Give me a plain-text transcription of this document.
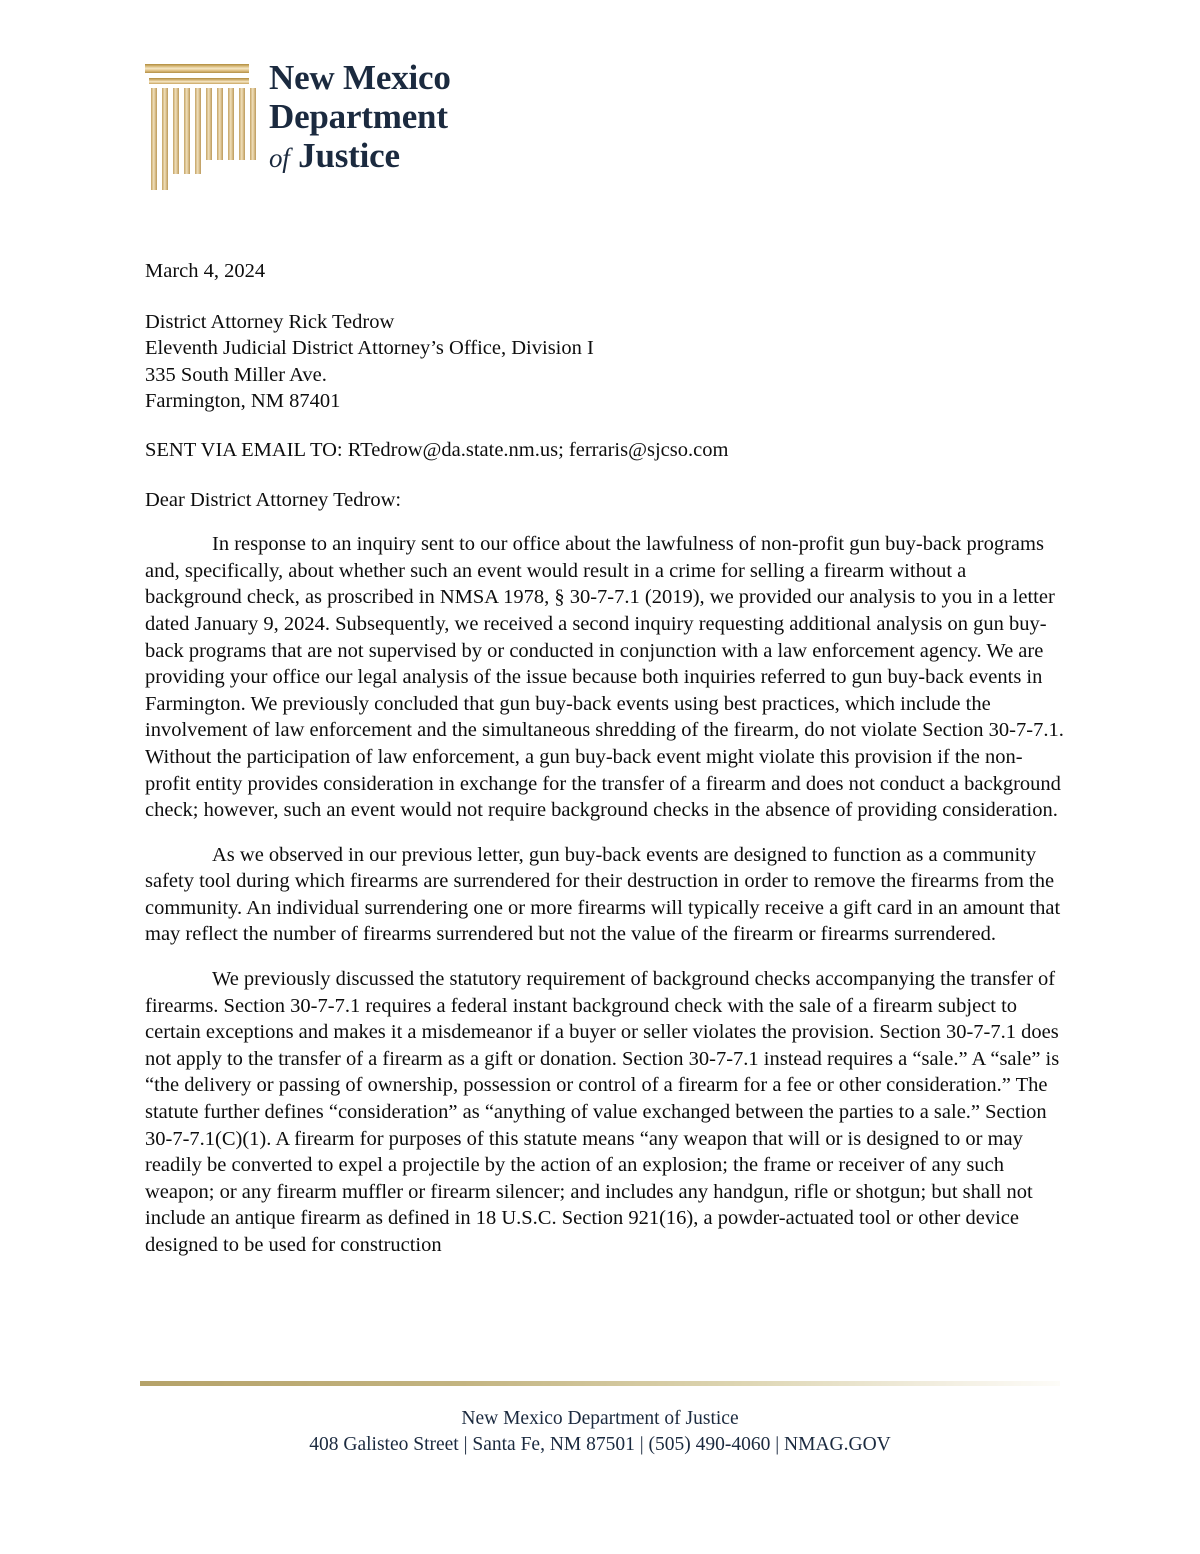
New Mexico
Department
of Justice

March 4, 2024

District Attorney Rick Tedrow
Eleventh Judicial District Attorney’s Office, Division I
335 South Miller Ave.
Farmington, NM 87401

SENT VIA EMAIL TO: RTedrow@da.state.nm.us; ferraris@sjcso.com

Dear District Attorney Tedrow:

In response to an inquiry sent to our office about the lawfulness of non-profit gun buy-back programs and, specifically, about whether such an event would result in a crime for selling a firearm without a background check, as proscribed in NMSA 1978, § 30-7-7.1 (2019), we provided our analysis to you in a letter dated January 9, 2024. Subsequently, we received a second inquiry requesting additional analysis on gun buy-back programs that are not supervised by or conducted in conjunction with a law enforcement agency. We are providing your office our legal analysis of the issue because both inquiries referred to gun buy-back events in Farmington. We previously concluded that gun buy-back events using best practices, which include the involvement of law enforcement and the simultaneous shredding of the firearm, do not violate Section 30-7-7.1. Without the participation of law enforcement, a gun buy-back event might violate this provision if the non-profit entity provides consideration in exchange for the transfer of a firearm and does not conduct a background check; however, such an event would not require background checks in the absence of providing consideration.

As we observed in our previous letter, gun buy-back events are designed to function as a community safety tool during which firearms are surrendered for their destruction in order to remove the firearms from the community. An individual surrendering one or more firearms will typically receive a gift card in an amount that may reflect the number of firearms surrendered but not the value of the firearm or firearms surrendered.

We previously discussed the statutory requirement of background checks accompanying the transfer of firearms. Section 30-7-7.1 requires a federal instant background check with the sale of a firearm subject to certain exceptions and makes it a misdemeanor if a buyer or seller violates the provision. Section 30-7-7.1 does not apply to the transfer of a firearm as a gift or donation. Section 30-7-7.1 instead requires a “sale.” A “sale” is “the delivery or passing of ownership, possession or control of a firearm for a fee or other consideration.” The statute further defines “consideration” as “anything of value exchanged between the parties to a sale.” Section 30-7-7.1(C)(1). A firearm for purposes of this statute means “any weapon that will or is designed to or may readily be converted to expel a projectile by the action of an explosion; the frame or receiver of any such weapon; or any firearm muffler or firearm silencer; and includes any handgun, rifle or shotgun; but shall not include an antique firearm as defined in 18 U.S.C. Section 921(16), a powder-actuated tool or other device designed to be used for construction

New Mexico Department of Justice
408 Galisteo Street | Santa Fe, NM 87501 | (505) 490-4060 | NMAG.GOV
